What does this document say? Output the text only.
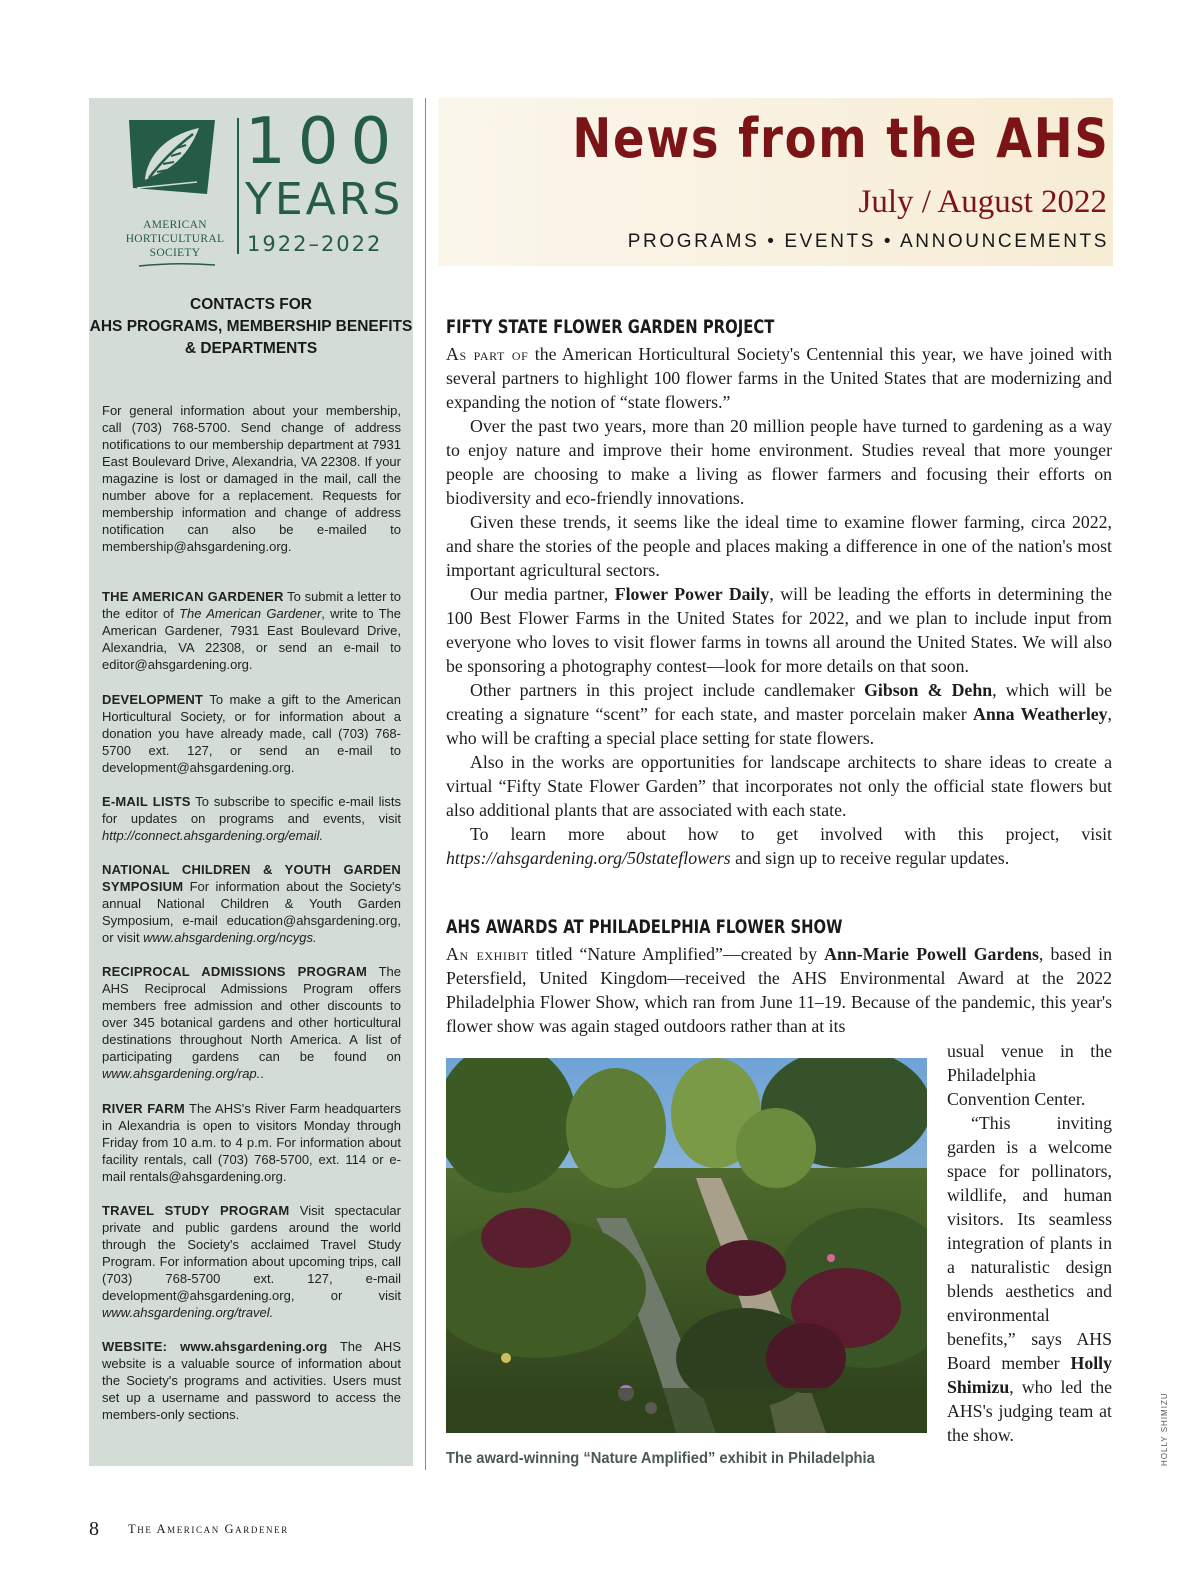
AMERICAN
HORTICULTURAL
SOCIETY
100
YEARS
1922–2022
CONTACTS FOR
AHS PROGRAMS, MEMBERSHIP BENEFITS
& DEPARTMENTS
For general information about your membership, call (703) 768-5700. Send change of address notifications to our membership department at 7931 East Boulevard Drive, Alexandria, VA 22308. If your magazine is lost or damaged in the mail, call the number above for a replacement. Requests for membership information and change of address notification can also be e-mailed to membership@ahsgardening.org.
THE AMERICAN GARDENER To submit a letter to the editor of The American Gardener, write to The American Gardener, 7931 East Boulevard Drive, Alexandria, VA 22308, or send an e-mail to editor@ahsgardening.org.
DEVELOPMENT To make a gift to the American Horticultural Society, or for information about a donation you have already made, call (703) 768-5700 ext. 127, or send an e-mail to development@ahsgardening.org.
E-MAIL LISTS To subscribe to specific e-mail lists for updates on programs and events, visit http://connect.ahsgardening.org/email.
NATIONAL CHILDREN & YOUTH GARDEN SYMPOSIUM For information about the Society's annual National Children & Youth Garden Symposium, e-mail education@ahsgardening.org, or visit www.ahsgardening.org/ncygs.
RECIPROCAL ADMISSIONS PROGRAM The AHS Reciprocal Admissions Program offers members free admission and other discounts to over 345 botanical gardens and other horticultural destinations throughout North America. A list of participating gardens can be found on www.ahsgardening.org/rap..
RIVER FARM The AHS's River Farm headquarters in Alexandria is open to visitors Monday through Friday from 10 a.m. to 4 p.m. For information about facility rentals, call (703) 768-5700, ext. 114 or e-mail rentals@ahsgardening.org.
TRAVEL STUDY PROGRAM Visit spectacular private and public gardens around the world through the Society's acclaimed Travel Study Program. For information about upcoming trips, call (703) 768-5700 ext. 127, e-mail development@ahsgardening.org, or visit www.ahsgardening.org/travel.
WEBSITE: www.ahsgardening.org The AHS website is a valuable source of information about the Society's programs and activities. Users must set up a username and password to access the members-only sections.
News from the AHS
July / August 2022
PROGRAMS • EVENTS • ANNOUNCEMENTS
FIFTY STATE FLOWER GARDEN PROJECT

As part of the American Horticultural Society's Centennial this year, we have joined with several partners to highlight 100 flower farms in the United States that are modernizing and expanding the notion of “state flowers.”

Over the past two years, more than 20 million people have turned to gardening as a way to enjoy nature and improve their home environment. Studies reveal that more younger people are choosing to make a living as flower farmers and focusing their efforts on biodiversity and eco-friendly innovations.

Given these trends, it seems like the ideal time to examine flower farming, circa 2022, and share the stories of the people and places making a difference in one of the nation's most important agricultural sectors.

Our media partner, Flower Power Daily, will be leading the efforts in determining the 100 Best Flower Farms in the United States for 2022, and we plan to include input from everyone who loves to visit flower farms in towns all around the United States. We will also be sponsoring a photography contest—look for more details on that soon.

Other partners in this project include candlemaker Gibson & Dehn, which will be creating a signature “scent” for each state, and master porcelain maker Anna Weatherley, who will be crafting a special place setting for state flowers.

Also in the works are opportunities for landscape architects to share ideas to create a virtual “Fifty State Flower Garden” that incorporates not only the official state flowers but also additional plants that are associated with each state.

To learn more about how to get involved with this project, visit https://ahsgardening.org/50stateflowers and sign up to receive regular updates.

AHS AWARDS AT PHILADELPHIA FLOWER SHOW

An exhibit titled “Nature Amplified”—created by Ann-Marie Powell Gardens, based in Petersfield, United Kingdom—received the AHS Environmental Award at the 2022 Philadelphia Flower Show, which ran from June 11–19. Because of the pandemic, this year's flower show was again staged outdoors rather than at its

usual venue in the Philadelphia Convention Center.

“This inviting garden is a welcome space for pollinators, wildlife, and human visitors. Its seamless integration of plants in a naturalistic design blends aesthetics and environmental benefits,” says AHS Board member Holly Shimizu, who led the AHS's judging team at the show.

The award-winning “Nature Amplified” exhibit in Philadelphia	HOLLY SHIMIZU
8 The American Gardener
